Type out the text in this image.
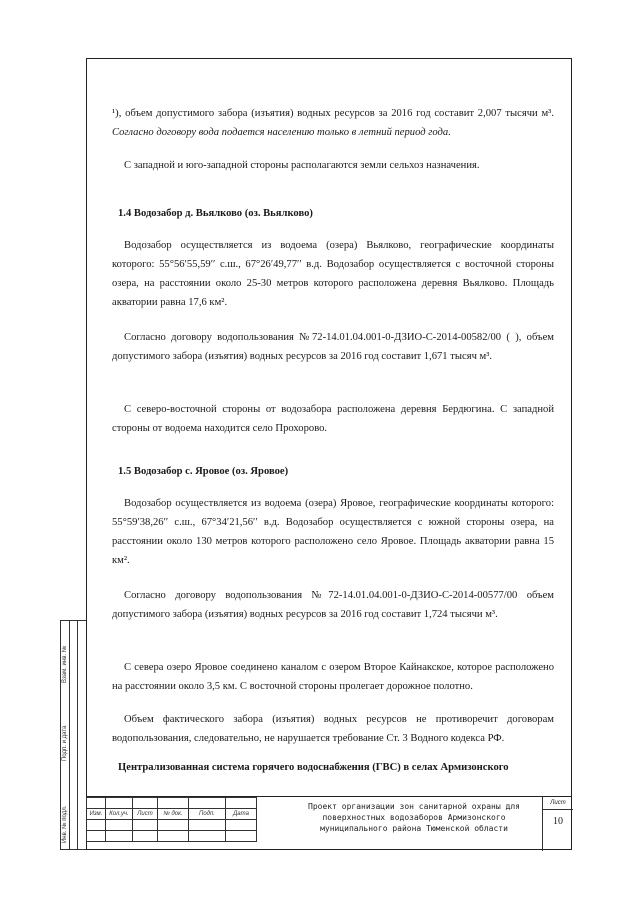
Взам. инв. №
Подп. и дата
Инв. № подл.

¹), объем допустимого забора (изъятия) водных ресурсов за 2016 год составит 2,007 тысячи м³. Согласно договору вода подается населению только в летний период года.

С западной и юго-западной стороны располагаются земли сельхоз назначения.

1.4 Водозабор д. Вьялково (оз. Вьялково)

Водозабор осуществляется из водоема (озера) Вьялково, географические координаты которого: 55°56′55,59′′ с.ш., 67°26′49,77′′ в.д. Водозабор осуществляется с восточной стороны озера, на расстоянии около 25-30 метров которого расположена деревня Вьялково. Площадь акватории равна 17,6 км².

Согласно договору водопользования №72-14.01.04.001-0-ДЗИО-С-2014-00582/00 ( ), объем допустимого забора (изъятия) водных ресурсов за 2016 год составит 1,671 тысяч м³.

С северо-восточной стороны от водозабора расположена деревня Бердюгина. С западной стороны от водоема находится село Прохорово.

1.5 Водозабор с. Яровое (оз. Яровое)

Водозабор осуществляется из водоема (озера) Яровое, географические координаты которого: 55°59′38,26′′ с.ш., 67°34′21,56′′ в.д. Водозабор осуществляется с южной стороны озера, на расстоянии около 130 метров которого расположено село Яровое. Площадь акватории равна 15 км².

Согласно договору водопользования №72-14.01.04.001-0-ДЗИО-С-2014-00577/00 объем допустимого забора (изъятия) водных ресурсов за 2016 год составит 1,724 тысячи м³.

С севера озеро Яровое соединено каналом с озером Второе Кайнакское, которое расположено на расстоянии около 3,5 км. С восточной стороны пролегает дорожное полотно.

Объем фактического забора (изъятия) водных ресурсов не противоречит договорам водопользования, следовательно, не нарушается требование Ст. 3 Водного кодекса РФ.

Централизованная система горячего водоснабжения (ГВС) в селах Армизонского

Изм.	Кол.уч.	Лист	№ док.	Подп.	Дата

Проект организации зон санитарной охраны для
поверхностных водозаборов Армизонского
муниципального района Тюменской области
Лист
10
